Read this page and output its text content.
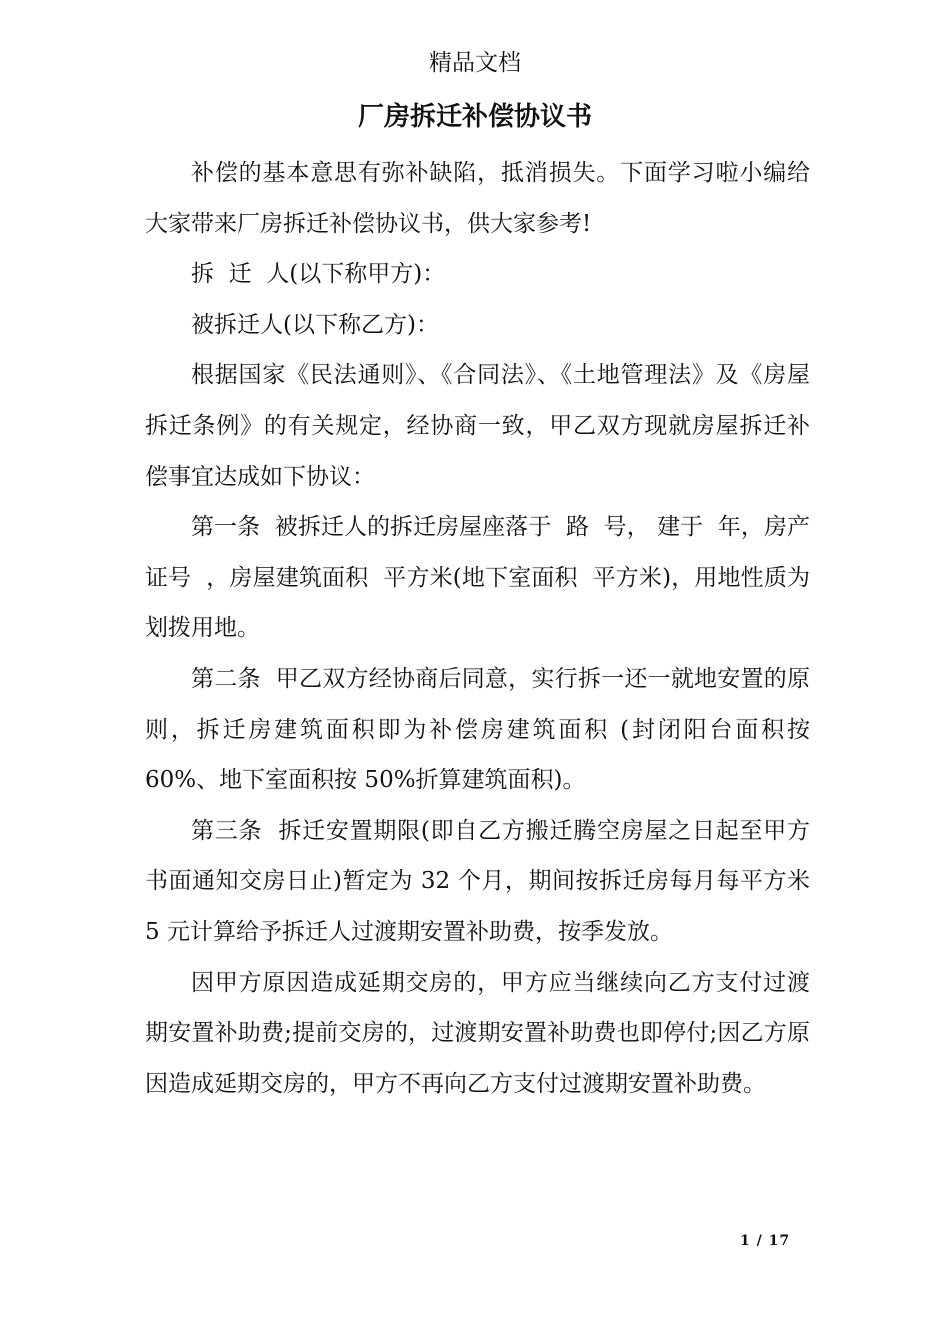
精品文档
厂房拆迁补偿协议书

补偿的基本意思有弥补缺陷，抵消损失。下面学习啦小编给大家带来厂房拆迁补偿协议书，供大家参考!

拆  迁  人(以下称甲方)：

被拆迁人(以下称乙方)：

根据国家《民法通则》、《合同法》、《土地管理法》及《房屋拆迁条例》的有关规定，经协商一致，甲乙双方现就房屋拆迁补偿事宜达成如下协议：

第一条  被拆迁人的拆迁房屋座落于  路  号， 建于  年，房产证号  ，房屋建筑面积  平方米(地下室面积  平方米)，用地性质为划拨用地。

第二条  甲乙双方经协商后同意，实行拆一还一就地安置的原则，拆迁房建筑面积即为补偿房建筑面积 (封闭阳台面积按 60%、地下室面积按 50%折算建筑面积)。

第三条  拆迁安置期限(即自乙方搬迁腾空房屋之日起至甲方书面通知交房日止)暂定为 32 个月，期间按拆迁房每月每平方米 5 元计算给予拆迁人过渡期安置补助费，按季发放。

因甲方原因造成延期交房的，甲方应当继续向乙方支付过渡期安置补助费;提前交房的，过渡期安置补助费也即停付;因乙方原因造成延期交房的，甲方不再向乙方支付过渡期安置补助费。

1 / 17
